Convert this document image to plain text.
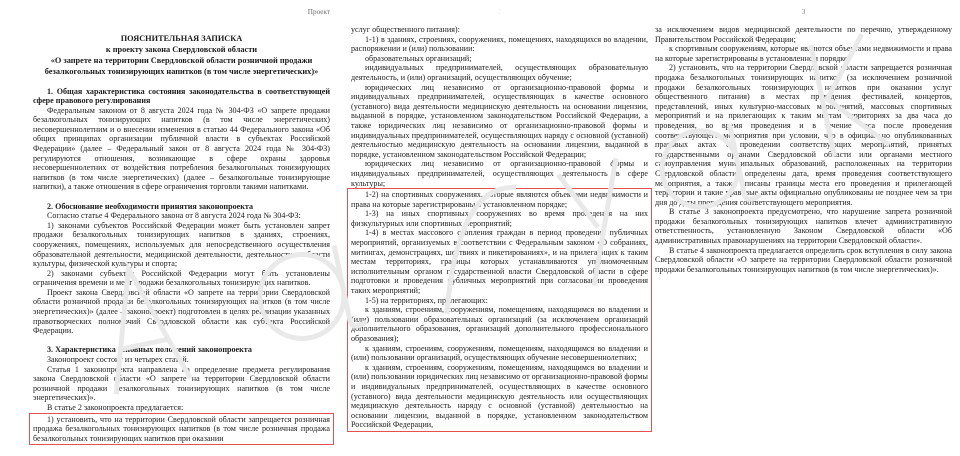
Проект
ПОЯСНИТЕЛЬНАЯ ЗАПИСКА
к проекту закона Свердловской области
«О запрете на территории Свердловской области розничной продажи
безалкогольных тонизирующих напитков (в том числе энергетических)»

1. Общая характеристика состояния законодательства в соответствующей сфере правового регулирования

Федеральным законом от 8 августа 2024 года № 304-ФЗ «О запрете продажи безалкогольных тонизирующих напитков (в том числе энергетических) несовершеннолетним и о внесении изменения в статью 44 Федерального закона «Об общих принципах организации публичной власти в субъектах Российской Федерации» (далее – Федеральный закон от 8 августа 2024 года № 304-ФЗ) регулируются отношения, возникающие в сфере охраны здоровья несовершеннолетних от воздействия потребления безалкогольных тонизирующих напитков (в том числе энергетических) (далее – безалкогольные тонизирующие напитки), а также отношения в сфере ограничения торговли такими напитками.

2. Обоснование необходимости принятия законопроекта

Согласно статье 4 Федерального закона от 8 августа 2024 года № 304-ФЗ:

1) законами субъектов Российской Федерации может быть установлен запрет продажи безалкогольных тонизирующих напитков в зданиях, строениях, сооружениях, помещениях, используемых для непосредственного осуществления образовательной деятельности, медицинской деятельности, деятельности в области культуры, физической культуры и спорта;

2) законами субъектов Российской Федерации могут быть установлены ограничения времени и мест продажи безалкогольных тонизирующих напитков.

Проект закона Свердловской области «О запрете на территории Свердловской области розничной продажи безалкогольных тонизирующих напитков (в том числе энергетических)» (далее – законопроект) подготовлен в целях реализации указанных правотворческих полномочий Свердловской области как субъекта Российской Федерации.

3. Характеристика основных положений законопроекта

Законопроект состоит из четырех статей.

Статья 1 законопроекта направлена на определение предмета регулирования закона Свердловской области «О запрете на территории Свердловской области розничной продажи безалкогольных тонизирующих напитков (в том числе энергетических)».

В статье 2 законопроекта предлагается:

1) установить, что на территории Свердловской области запрещается розничная продажа безалкогольных тонизирующих напитков (в том числе розничная продажа безалкогольных тонизирующих напитков при оказании

2

услуг общественного питания):

1-1) в зданиях, строениях, сооружениях, помещениях, находящихся во владении, распоряжении и (или) пользовании:

образовательных организаций;

индивидуальных предпринимателей, осуществляющих образовательную деятельность, и (или) организаций, осуществляющих обучение;

юридических лиц независимо от организационно-правовой формы и индивидуальных предпринимателей, осуществляющих в качестве основного (уставного) вида деятельности медицинскую деятельность на основании лицензии, выданной в порядке, установленном законодательством Российской Федерации, а также юридических лиц независимо от организационно-правовой формы и индивидуальных предпринимателей, осуществляющих наряду с основной (уставной) деятельностью медицинскую деятельность на основании лицензии, выданной в порядке, установленном законодательством Российской Федерации;

юридических лиц независимо от организационно-правовой формы и индивидуальных предпринимателей, осуществляющих деятельность в сфере культуры;

1-2) на спортивных сооружениях, которые являются объектами недвижимости и права на которые зарегистрированы в установленном порядке;

1-3) на иных спортивных сооружениях во время проведения на них физкультурных или спортивных мероприятий;

1-4) в местах массового скопления граждан в период проведения публичных мероприятий, организуемых в соответствии с Федеральным законом «О собраниях, митингах, демонстрациях, шествиях и пикетированиях», и на прилегающих к таким местам территориях, границы которых устанавливаются уполномоченным исполнительным органом государственной власти Свердловской области в сфере подготовки и проведения публичных мероприятий при согласовании проведения таких мероприятий;

1-5) на территориях, прилегающих:

к зданиям, строениям, сооружениям, помещениям, находящимся во владении и (или) пользовании образовательных организаций (за исключением организаций дополнительного образования, организаций дополнительного профессионального образования);

к зданиям, строениям, сооружениям, помещениям, находящимся во владении и (или) пользовании организаций, осуществляющих обучение несовершеннолетних;

к зданиям, строениям, сооружениям, помещениям, находящимся во владении и (или) пользовании юридических лиц независимо от организационно-правовой формы и индивидуальных предпринимателей, осуществляющих в качестве основного (уставного) вида деятельности медицинскую деятельность или осуществляющих медицинскую деятельность наряду с основной (уставной) деятельностью на основании лицензии, выданной в порядке, установленном законодательством Российской Федерации,

3

за исключением видов медицинской деятельности по перечню, утвержденному Правительством Российской Федерации;

к спортивным сооружениям, которые являются объектами недвижимости и права на которые зарегистрированы в установленном порядке;

2) установить, что на территории Свердловской области запрещается розничная продажа безалкогольных тонизирующих напитков (за исключением розничной продажи безалкогольных тонизирующих напитков при оказании услуг общественного питания) в местах проведения фестивалей, концертов, представлений, иных культурно-массовых мероприятий, массовых спортивных мероприятий и на прилегающих к таким местам территориях за два часа до проведения, во время проведения и в течение часа после проведения соответствующего мероприятия при условии, что в официально опубликованных правовых актах о проведении соответствующих мероприятий, принятых государственными органами Свердловской области или органами местного самоуправления муниципальных образований, расположенных на территории Свердловской области, определены дата, время проведения соответствующего мероприятия, а также описаны границы места его проведения и прилегающей территории и такие правовые акты официально опубликованы не позднее чем за три дня до даты проведения соответствующего мероприятия.

В статье 3 законопроекта предусмотрено, что нарушение запрета розничной продажи безалкогольных тонизирующих напитков влечет административную ответственность, установленную Законом Свердловской области «Об административных правонарушениях на территории Свердловской области».

В статье 4 законопроекта предлагается определить срок вступления в силу закона Свердловской области «О запрете на территории Свердловской области розничной продажи безалкогольных тонизирующих напитков (в том числе энергетических)».
